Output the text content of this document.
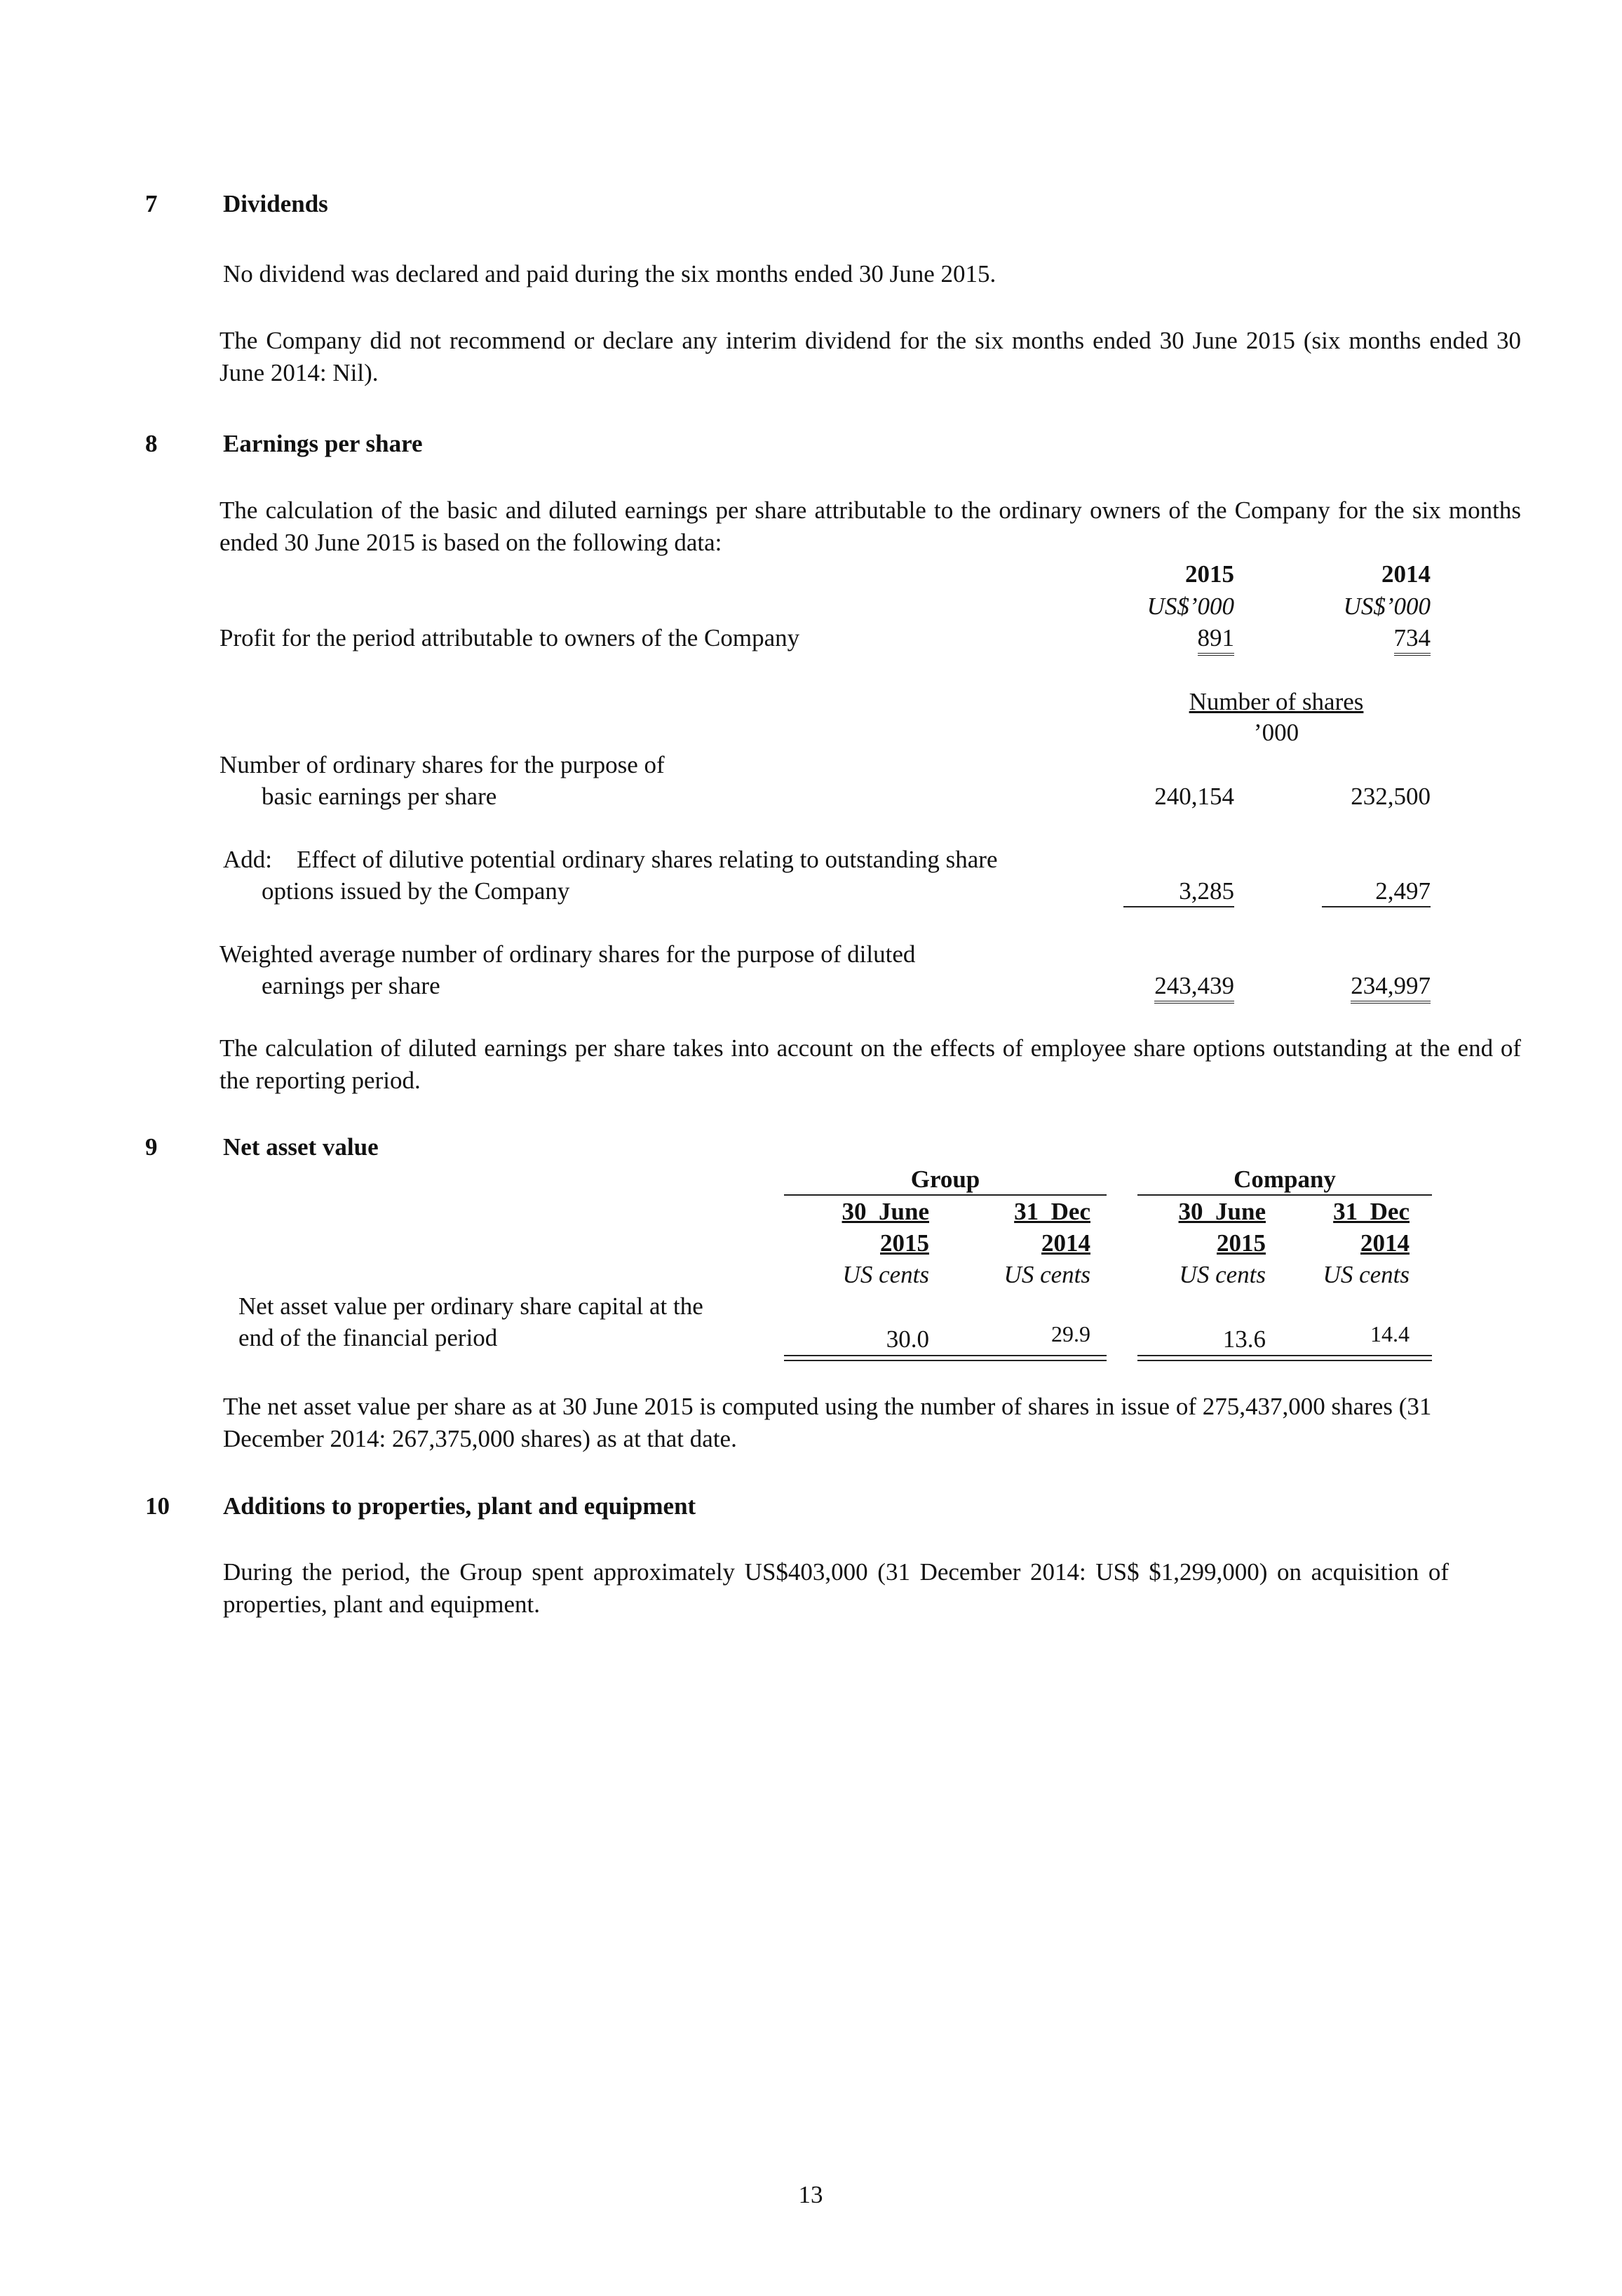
7	Dividends
No dividend was declared and paid during the six months ended 30 June 2015.
The Company did not recommend or declare any interim dividend for the six months ended 30 June 2015 (six months ended 30 June 2014: Nil).
8	Earnings per share
The calculation of the basic and diluted earnings per share attributable to the ordinary owners of the Company for the six months ended 30 June 2015 is based on the following data:
2015	2014
US$’000	US$’000
Profit for the period attributable to owners of the Company	891	734
Number of shares
’000
Number of ordinary shares for the purpose of
basic earnings per share	240,154	232,500
Add:    Effect of dilutive potential ordinary shares relating to outstanding share
options issued by the Company	3,285	2,497
Weighted average number of ordinary shares for the purpose of diluted
earnings per share	243,439	234,997
The calculation of diluted earnings per share takes into account on the effects of employee share options outstanding at the end of the reporting period.
9	Net asset value
Group	Company
30  June	31  Dec	30  June	31  Dec
2015	2014	2015	2014
US cents	US cents	US cents	US cents
Net asset value per ordinary share capital at the
end of the financial period	30.0	29.9	13.6	14.4
The net asset value per share as at 30 June 2015 is computed using the number of shares in issue of 275,437,000 shares (31 December 2014: 267,375,000 shares) as at that date.
10 Additions to properties, plant and equipment
During the period, the Group spent approximately US$403,000 (31 December 2014: US$ $1,299,000) on acquisition of properties, plant and equipment.
13
